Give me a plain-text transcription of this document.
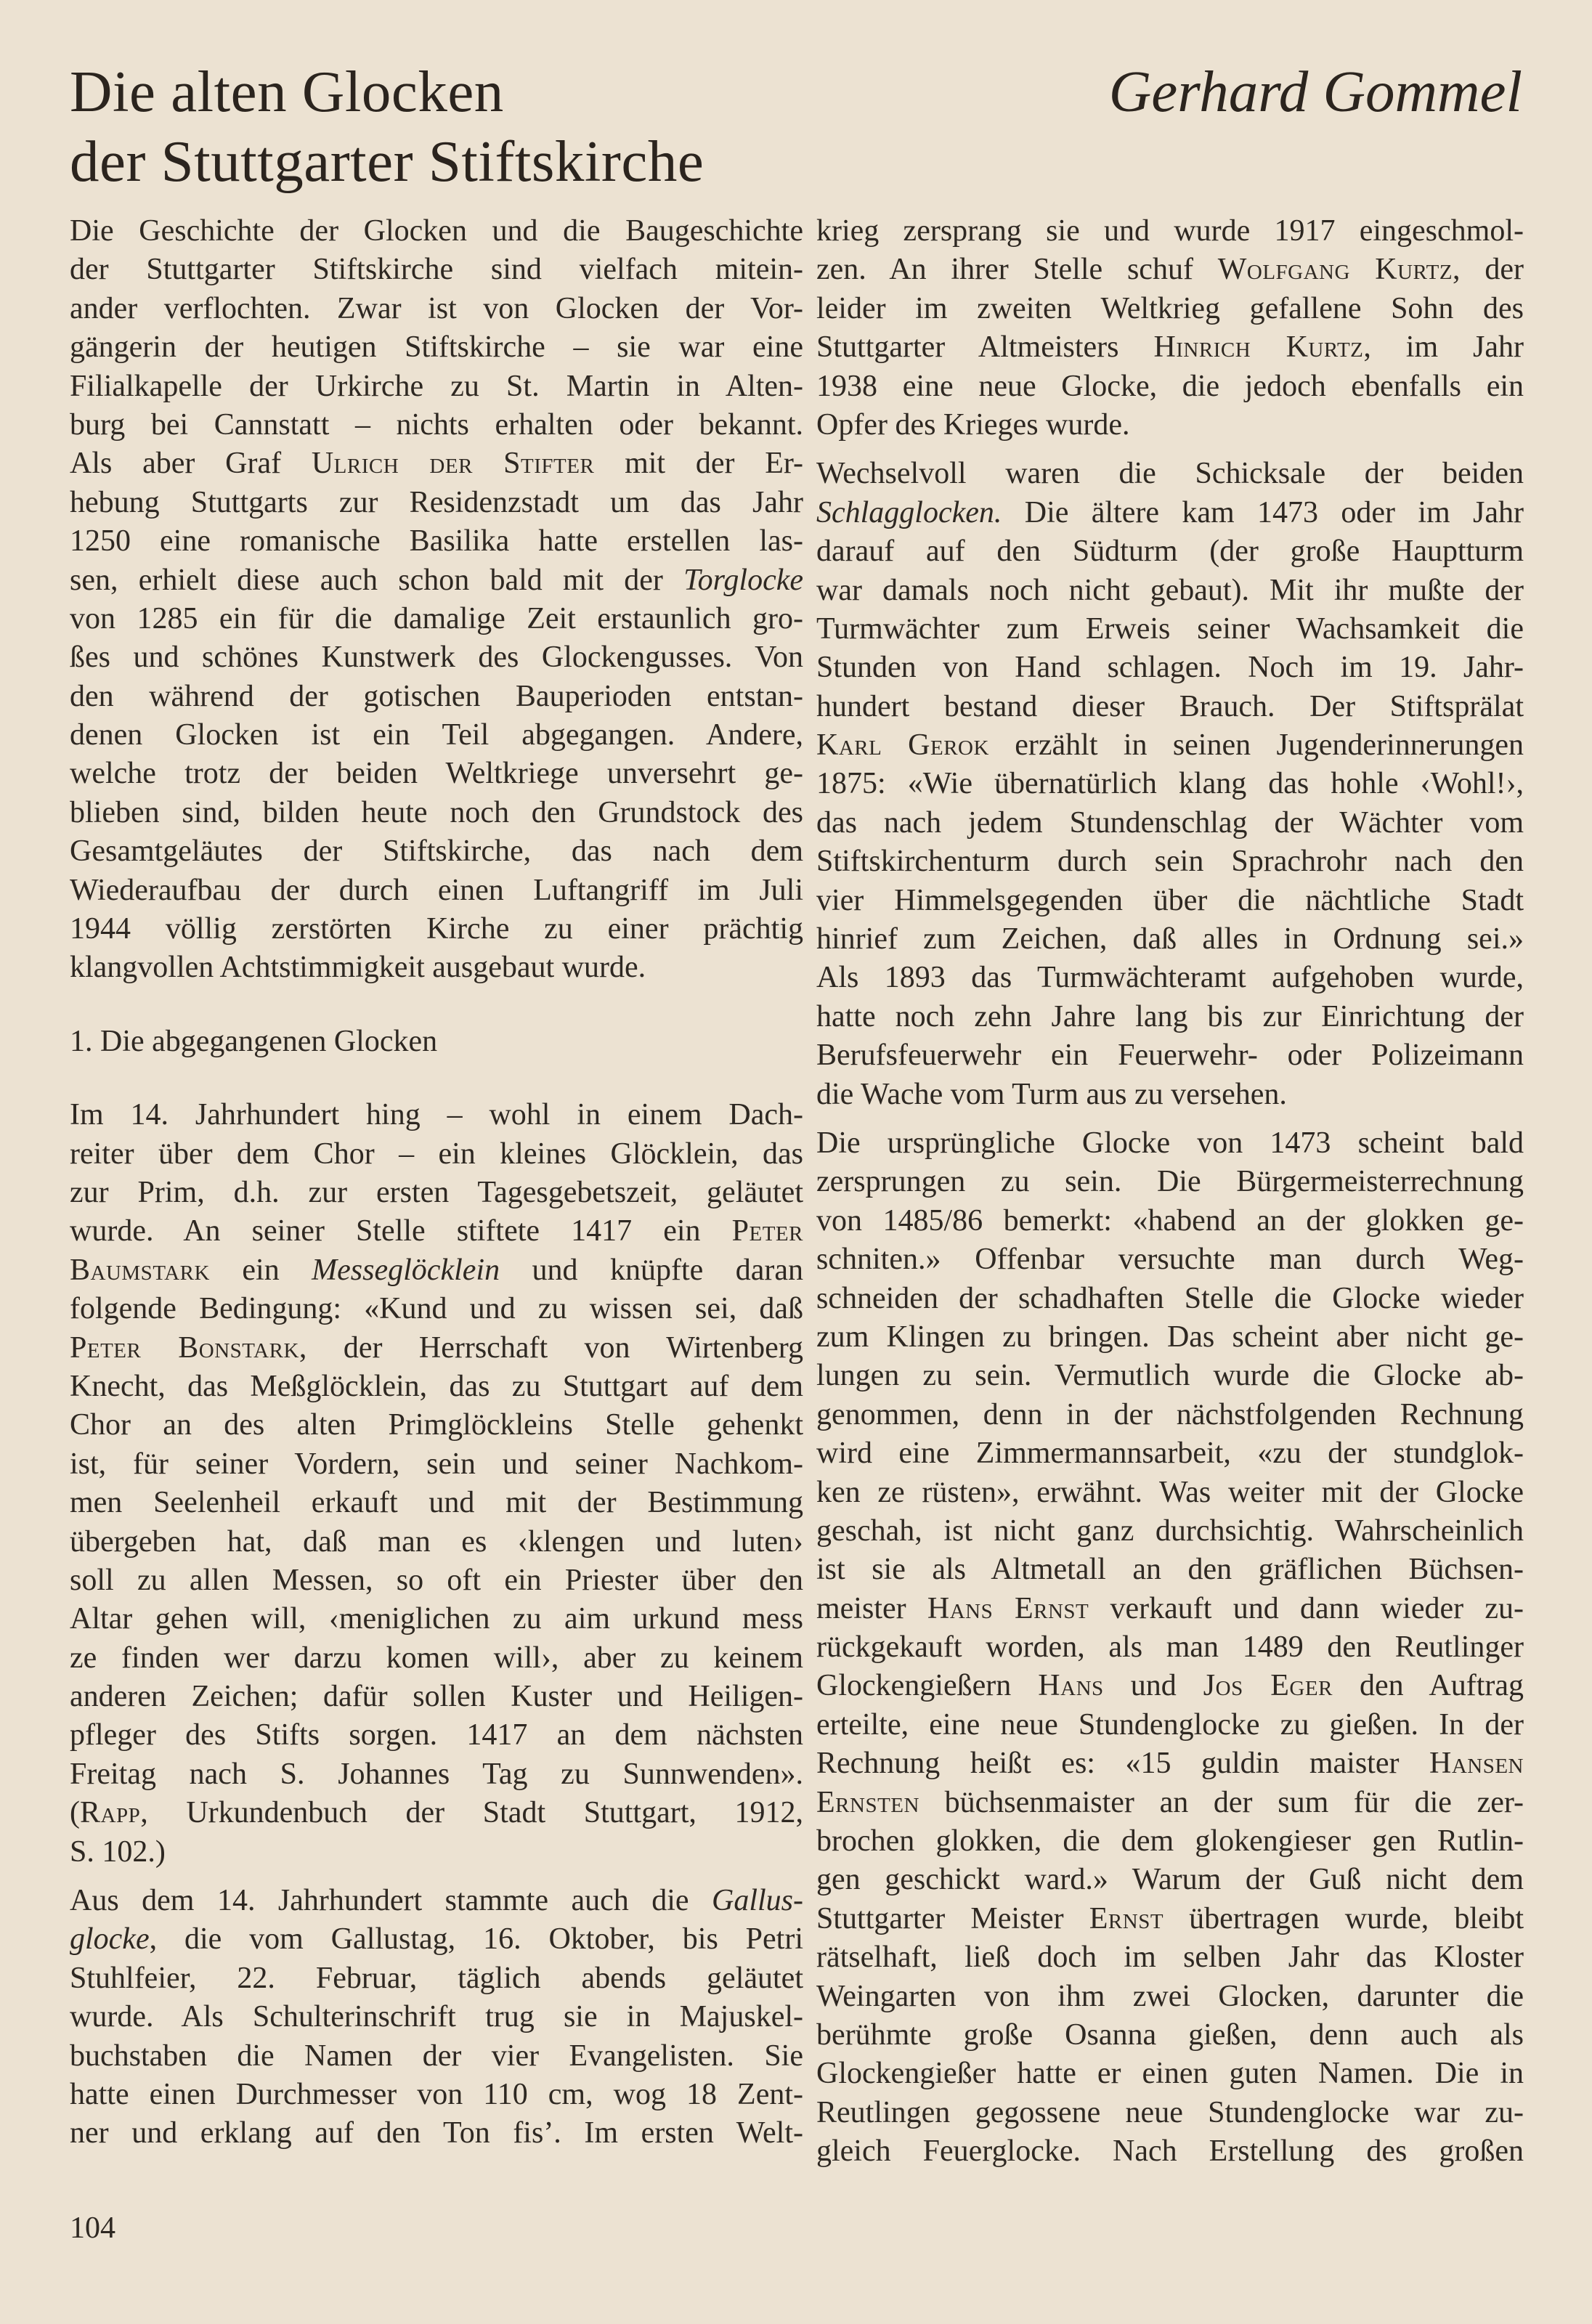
Die alten Glocken
der Stuttgarter Stiftskirche
Gerhard Gommel
Die Geschichte der Glocken und die Baugeschichte
der Stuttgarter Stiftskirche sind vielfach mitein-
ander verflochten. Zwar ist von Glocken der Vor-
gängerin der heutigen Stiftskirche – sie war eine
Filialkapelle der Urkirche zu St. Martin in Alten-
burg bei Cannstatt – nichts erhalten oder bekannt.
Als aber Graf Ulrich der Stifter mit der Er-
hebung Stuttgarts zur Residenzstadt um das Jahr
1250 eine romanische Basilika hatte erstellen las-
sen, erhielt diese auch schon bald mit der Torglocke
von 1285 ein für die damalige Zeit erstaunlich gro-
ßes und schönes Kunstwerk des Glockengusses. Von
den während der gotischen Bauperioden entstan-
denen Glocken ist ein Teil abgegangen. Andere,
welche trotz der beiden Weltkriege unversehrt ge-
blieben sind, bilden heute noch den Grundstock des
Gesamtgeläutes der Stiftskirche, das nach dem
Wiederaufbau der durch einen Luftangriff im Juli
1944 völlig zerstörten Kirche zu einer prächtig
klangvollen Achtstimmigkeit ausgebaut wurde.
1. Die abgegangenen Glocken
Im 14. Jahrhundert hing – wohl in einem Dach-
reiter über dem Chor – ein kleines Glöcklein, das
zur Prim, d.h. zur ersten Tagesgebetszeit, geläutet
wurde. An seiner Stelle stiftete 1417 ein Peter
Baumstark ein Messeglöcklein und knüpfte daran
folgende Bedingung: «Kund und zu wissen sei, daß
Peter Bonstark, der Herrschaft von Wirtenberg
Knecht, das Meßglöcklein, das zu Stuttgart auf dem
Chor an des alten Primglöckleins Stelle gehenkt
ist, für seiner Vordern, sein und seiner Nachkom-
men Seelenheil erkauft und mit der Bestimmung
übergeben hat, daß man es ‹klengen und luten›
soll zu allen Messen, so oft ein Priester über den
Altar gehen will, ‹meniglichen zu aim urkund mess
ze finden wer darzu komen will›, aber zu keinem
anderen Zeichen; dafür sollen Kuster und Heiligen-
pfleger des Stifts sorgen. 1417 an dem nächsten
Freitag nach S. Johannes Tag zu Sunnwenden».
(Rapp, Urkundenbuch der Stadt Stuttgart, 1912,
S. 102.)
Aus dem 14. Jahrhundert stammte auch die Gallus-
glocke, die vom Gallustag, 16. Oktober, bis Petri
Stuhlfeier, 22. Februar, täglich abends geläutet
wurde. Als Schulterinschrift trug sie in Majuskel-
buchstaben die Namen der vier Evangelisten. Sie
hatte einen Durchmesser von 110 cm, wog 18 Zent-
ner und erklang auf den Ton fis’. Im ersten Welt-
krieg zersprang sie und wurde 1917 eingeschmol-
zen. An ihrer Stelle schuf Wolfgang Kurtz, der
leider im zweiten Weltkrieg gefallene Sohn des
Stuttgarter Altmeisters Hinrich Kurtz, im Jahr
1938 eine neue Glocke, die jedoch ebenfalls ein
Opfer des Krieges wurde.
Wechselvoll waren die Schicksale der beiden
Schlagglocken. Die ältere kam 1473 oder im Jahr
darauf auf den Südturm (der große Hauptturm
war damals noch nicht gebaut). Mit ihr mußte der
Turmwächter zum Erweis seiner Wachsamkeit die
Stunden von Hand schlagen. Noch im 19. Jahr-
hundert bestand dieser Brauch. Der Stiftsprälat
Karl Gerok erzählt in seinen Jugenderinnerungen
1875: «Wie übernatürlich klang das hohle ‹Wohl!›,
das nach jedem Stundenschlag der Wächter vom
Stiftskirchenturm durch sein Sprachrohr nach den
vier Himmelsgegenden über die nächtliche Stadt
hinrief zum Zeichen, daß alles in Ordnung sei.»
Als 1893 das Turmwächteramt aufgehoben wurde,
hatte noch zehn Jahre lang bis zur Einrichtung der
Berufsfeuerwehr ein Feuerwehr- oder Polizeimann
die Wache vom Turm aus zu versehen.
Die ursprüngliche Glocke von 1473 scheint bald
zersprungen zu sein. Die Bürgermeisterrechnung
von 1485/86 bemerkt: «habend an der glokken ge-
schniten.» Offenbar versuchte man durch Weg-
schneiden der schadhaften Stelle die Glocke wieder
zum Klingen zu bringen. Das scheint aber nicht ge-
lungen zu sein. Vermutlich wurde die Glocke ab-
genommen, denn in der nächstfolgenden Rechnung
wird eine Zimmermannsarbeit, «zu der stundglok-
ken ze rüsten», erwähnt. Was weiter mit der Glocke
geschah, ist nicht ganz durchsichtig. Wahrscheinlich
ist sie als Altmetall an den gräflichen Büchsen-
meister Hans Ernst verkauft und dann wieder zu-
rückgekauft worden, als man 1489 den Reutlinger
Glockengießern Hans und Jos Eger den Auftrag
erteilte, eine neue Stundenglocke zu gießen. In der
Rechnung heißt es: «15 guldin maister Hansen
Ernsten büchsenmaister an der sum für die zer-
brochen glokken, die dem glokengieser gen Rutlin-
gen geschickt ward.» Warum der Guß nicht dem
Stuttgarter Meister Ernst übertragen wurde, bleibt
rätselhaft, ließ doch im selben Jahr das Kloster
Weingarten von ihm zwei Glocken, darunter die
berühmte große Osanna gießen, denn auch als
Glockengießer hatte er einen guten Namen. Die in
Reutlingen gegossene neue Stundenglocke war zu-
gleich Feuerglocke. Nach Erstellung des großen
104
